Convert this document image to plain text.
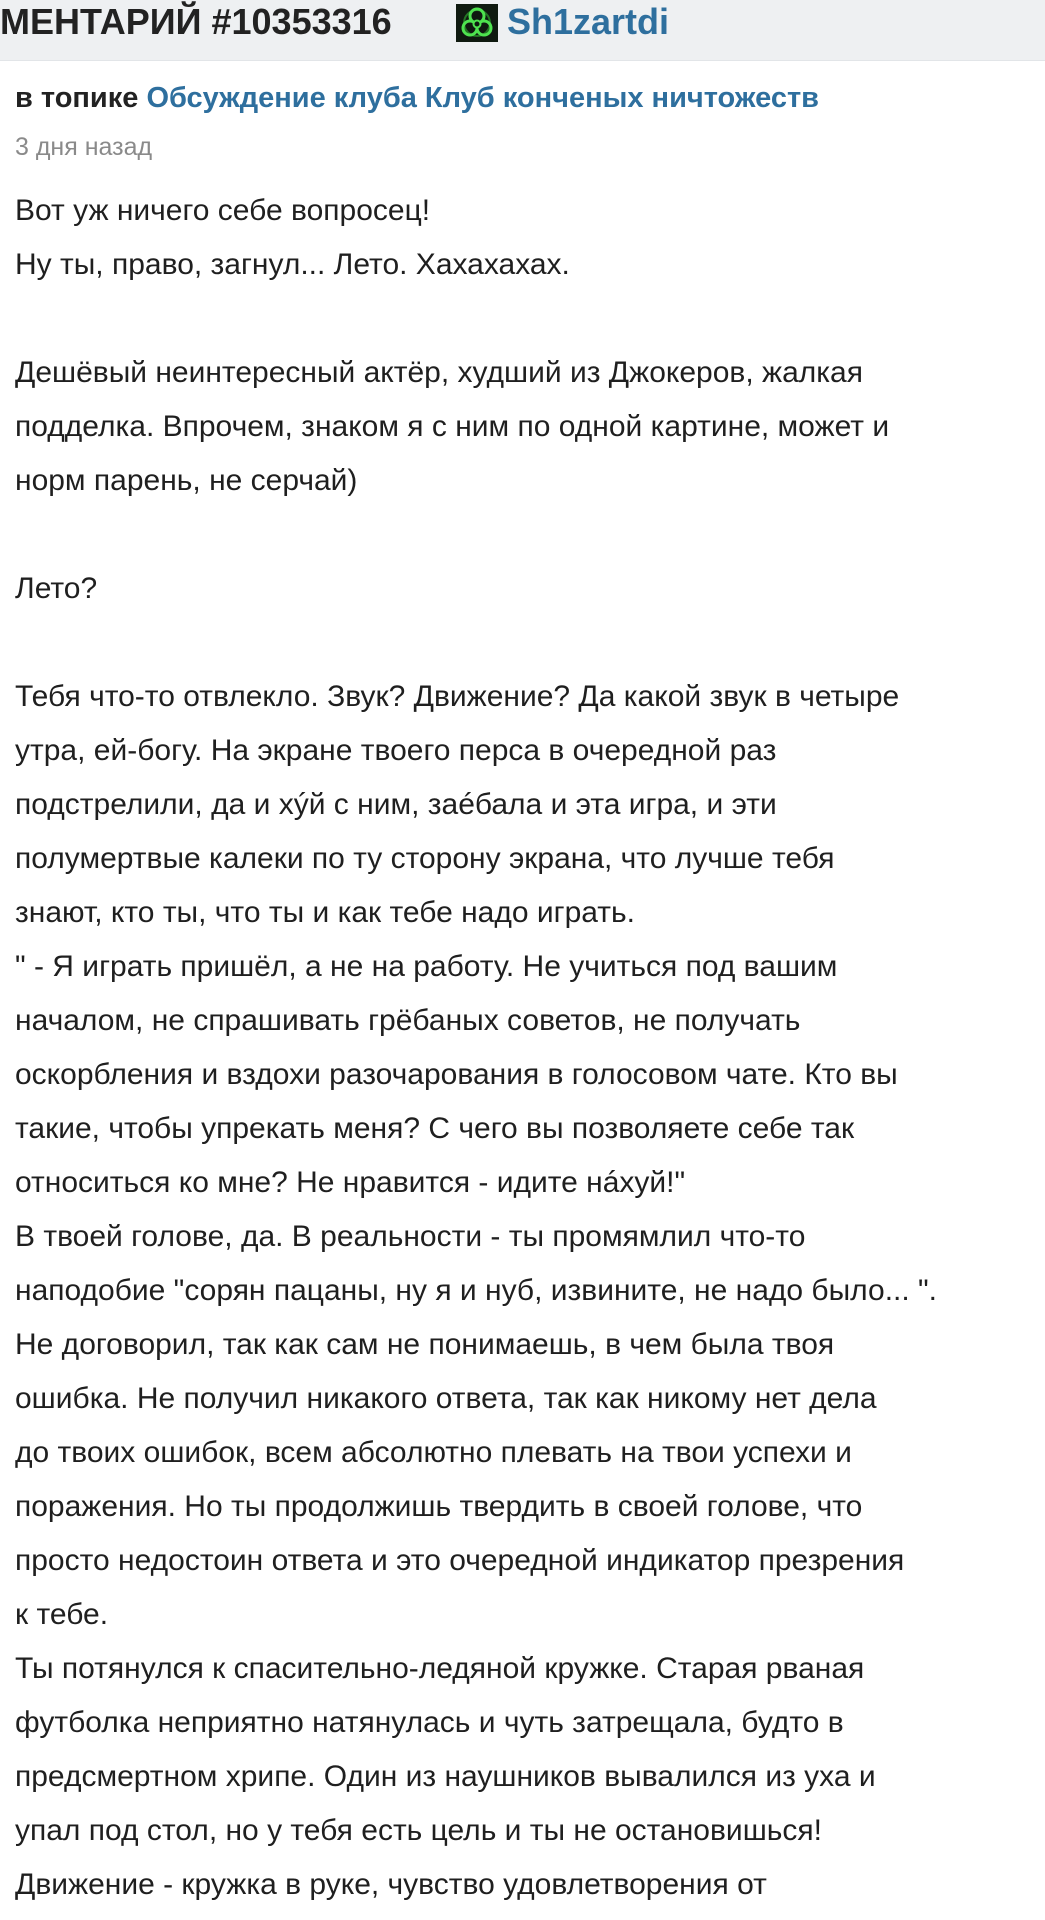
МЕНТАРИЙ #10353316	Sh1zartdi
в топике Обсуждение клуба Клуб конченых ничтожеств
3 дня назад
Вот уж ничего себе вопросец!
Ну ты, право, загнул... Лето. Хахахахах.
Дешёвый неинтересный актёр, худший из Джокеров, жалкая
подделка. Впрочем, знаком я с ним по одной картине, может и
норм парень, не серчай)
Лето?
Тебя что-то отвлекло. Звук? Движение? Да какой звук в четыре
утра, ей-богу. На экране твоего перса в очередной раз
подстрелили, да и хýй с ним, заéбала и эта игра, и эти
полумертвые калеки по ту сторону экрана, что лучше тебя
знают, кто ты, что ты и как тебе надо играть.
" - Я играть пришёл, а не на работу. Не учиться под вашим
началом, не спрашивать грёбаных советов, не получать
оскорбления и вздохи разочарования в голосовом чате. Кто вы
такие, чтобы упрекать меня? С чего вы позволяете себе так
относиться ко мне? Не нравится - идите нáхуй!"
В твоей голове, да. В реальности - ты промямлил что-то
наподобие "сорян пацаны, ну я и нуб, извините, не надо было... ".
Не договорил, так как сам не понимаешь, в чем была твоя
ошибка. Не получил никакого ответа, так как никому нет дела
до твоих ошибок, всем абсолютно плевать на твои успехи и
поражения. Но ты продолжишь твердить в своей голове, что
просто недостоин ответа и это очередной индикатор презрения
к тебе.
Ты потянулся к спасительно-ледяной кружке. Старая рваная
футболка неприятно натянулась и чуть затрещала, будто в
предсмертном хрипе. Один из наушников вывалился из уха и
упал под стол, но у тебя есть цель и ты не остановишься!
Движение - кружка в руке, чувство удовлетворения от
